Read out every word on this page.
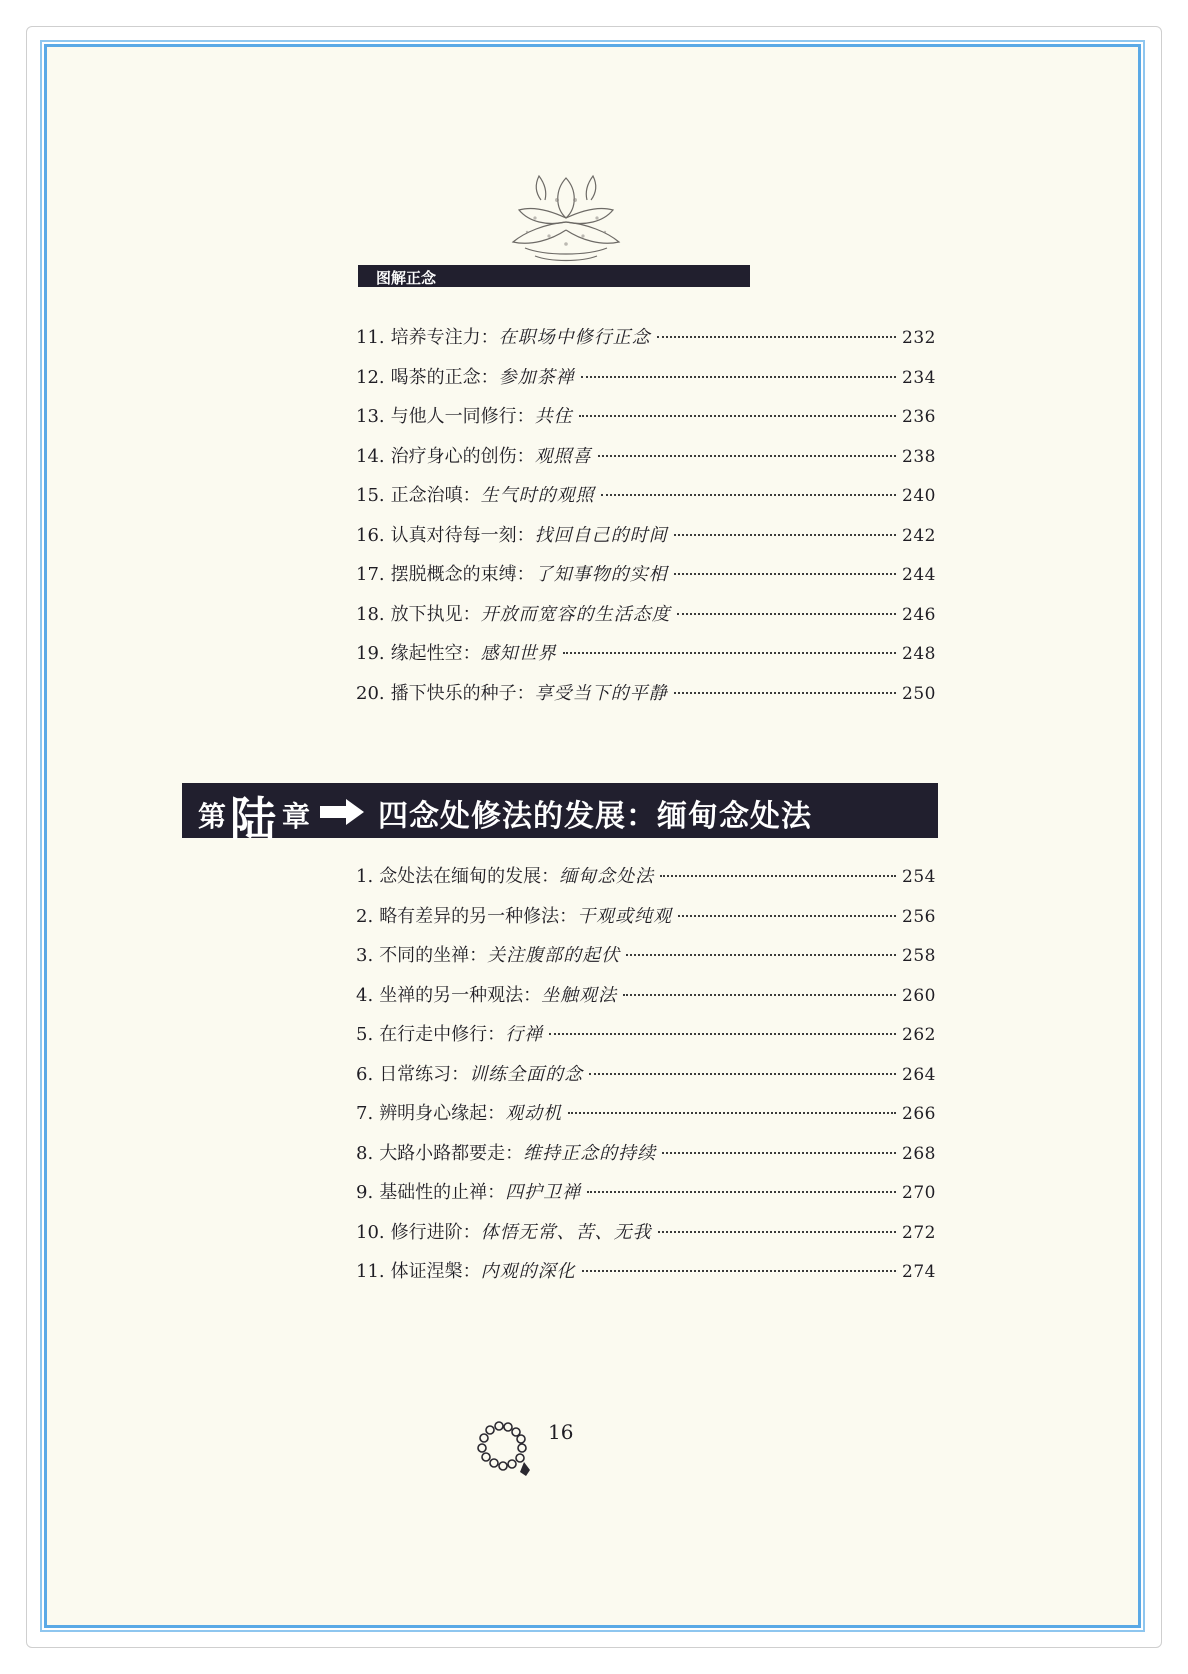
图解正念
11. 培养专注力： 在职场中修行正念	232
12. 喝茶的正念： 参加茶禅	234
13. 与他人一同修行： 共住	236
14. 治疗身心的创伤： 观照喜	238
15. 正念治嗔： 生气时的观照	240
16. 认真对待每一刻： 找回自己的时间	242
17. 摆脱概念的束缚： 了知事物的实相	244
18. 放下执见： 开放而宽容的生活态度	246
19. 缘起性空： 感知世界	248
20. 播下快乐的种子： 享受当下的平静	250
第 陆 章 四念处修法的发展：缅甸念处法
1. 念处法在缅甸的发展： 缅甸念处法	254
2. 略有差异的另一种修法： 干观或纯观	256
3. 不同的坐禅： 关注腹部的起伏	258
4. 坐禅的另一种观法： 坐触观法	260
5. 在行走中修行： 行禅	262
6. 日常练习： 训练全面的念	264
7. 辨明身心缘起： 观动机	266
8. 大路小路都要走： 维持正念的持续	268
9. 基础性的止禅： 四护卫禅	270
10. 修行进阶： 体悟无常、苦、无我	272
11. 体证涅槃： 内观的深化	274
16
